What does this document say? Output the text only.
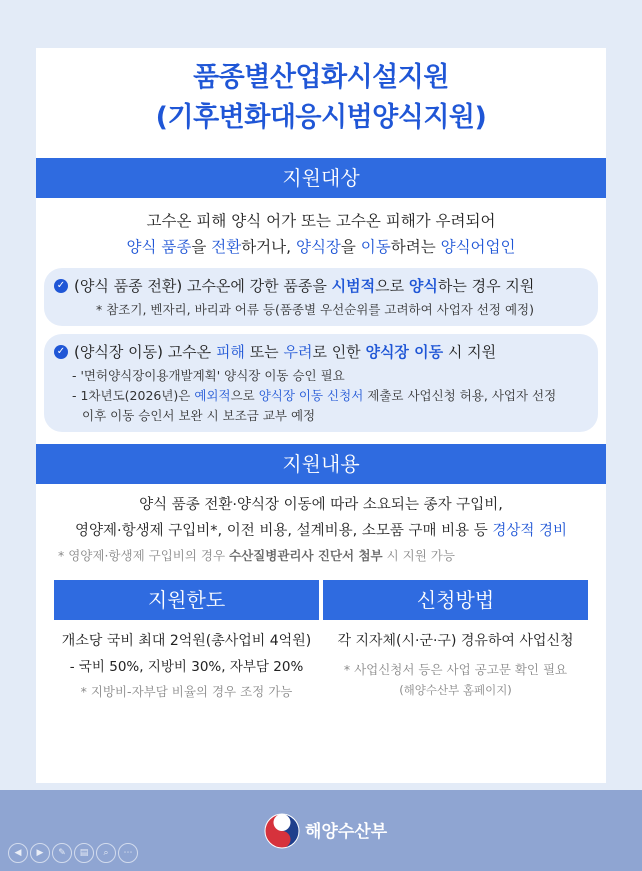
품종별산업화시설지원
(기후변화대응시범양식지원)
지원대상
고수온 피해 양식 어가 또는 고수온 피해가 우려되어
양식 품종을 전환하거나, 양식장을 이동하려는 양식어업인
✓ (양식 품종 전환) 고수온에 강한 품종을 시범적으로 양식하는 경우 지원
* 참조기, 벤자리, 바리과 어류 등(품종별 우선순위를 고려하여 사업자 선정 예정)
✓ (양식장 이동) 고수온 피해 또는 우려로 인한 양식장 이동 시 지원
- '면허양식장이용개발계획' 양식장 이동 승인 필요
- 1차년도(2026년)은 예외적으로 양식장 이동 신청서 제출로 사업신청 허용, 사업자 선정
이후 이동 승인서 보완 시 보조금 교부 예정
지원내용
양식 품종 전환·양식장 이동에 따라 소요되는 종자 구입비,
영양제·항생제 구입비*, 이전 비용, 설계비용, 소모품 구매 비용 등 경상적 경비
* 영양제·항생제 구입비의 경우 수산질병관리사 진단서 첨부 시 지원 가능
지원한도
개소당 국비 최대 2억원(총사업비 4억원)
- 국비 50%, 지방비 30%, 자부담 20%
* 지방비-자부담 비율의 경우 조정 가능
신청방법
각 지자체(시·군·구) 경유하여 사업신청
* 사업신청서 등은 사업 공고문 확인 필요
(해양수산부 홈페이지)
해양수산부
◀	▶	✎	▤	⌕	⋯
